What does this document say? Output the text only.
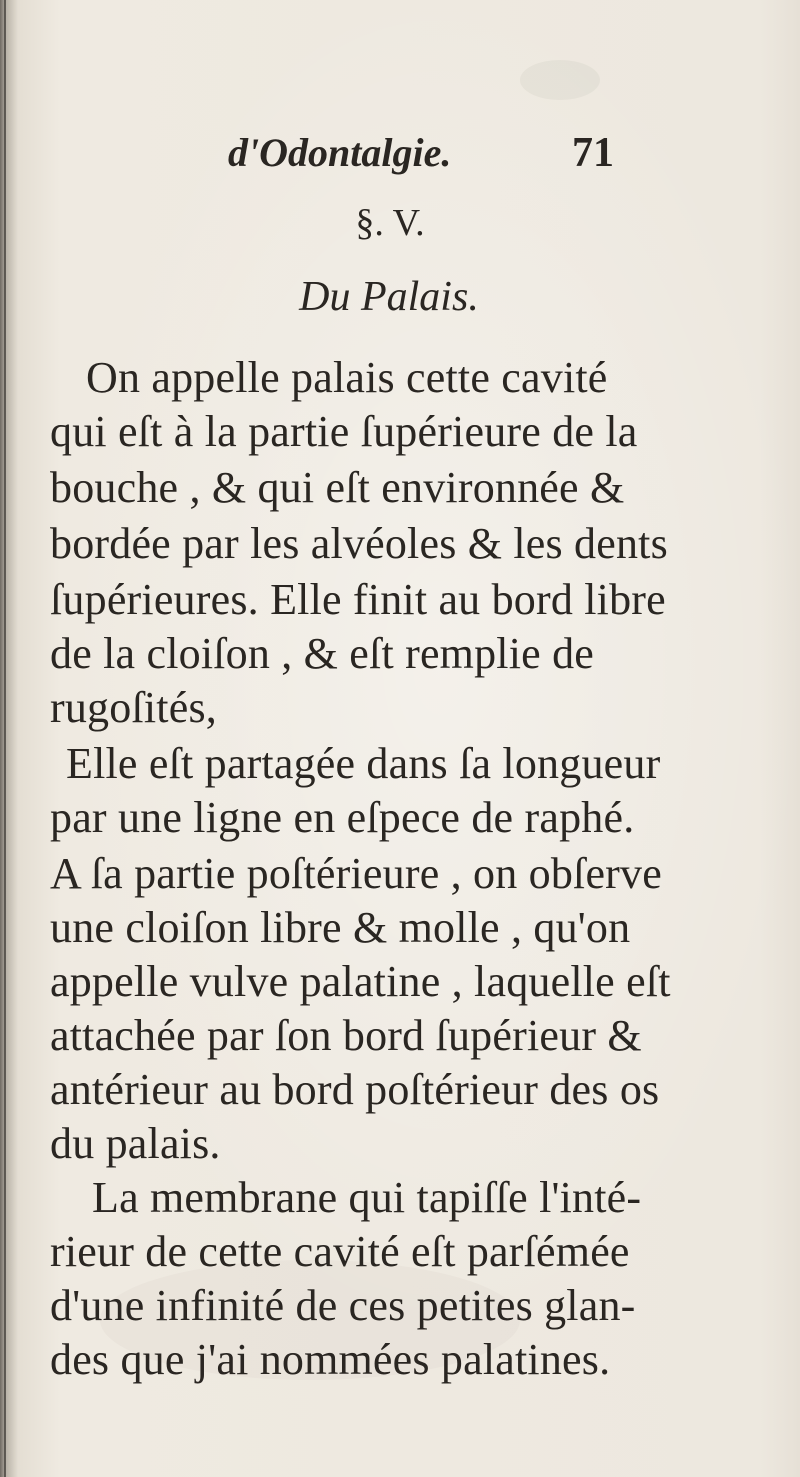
d'Odontalgie.	71
§. V.
Du Palais.
On appelle palais cette cavité
qui eſt à la partie ſupérieure de la
bouche , & qui eſt environnée &
bordée par les alvéoles & les dents
ſupérieures. Elle finit au bord libre
de la cloiſon , & eſt remplie de
rugoſités,
Elle eſt partagée dans ſa longueur
par une ligne en eſpece de raphé.
A ſa partie poſtérieure , on obſerve
une cloiſon libre & molle , qu'on
appelle vulve palatine , laquelle eſt
attachée par ſon bord ſupérieur &
antérieur au bord poſtérieur des os
du palais.
La membrane qui tapiſſe l'inté-
rieur de cette cavité eſt parſémée
d'une infinité de ces petites glan-
des que j'ai nommées palatines.
